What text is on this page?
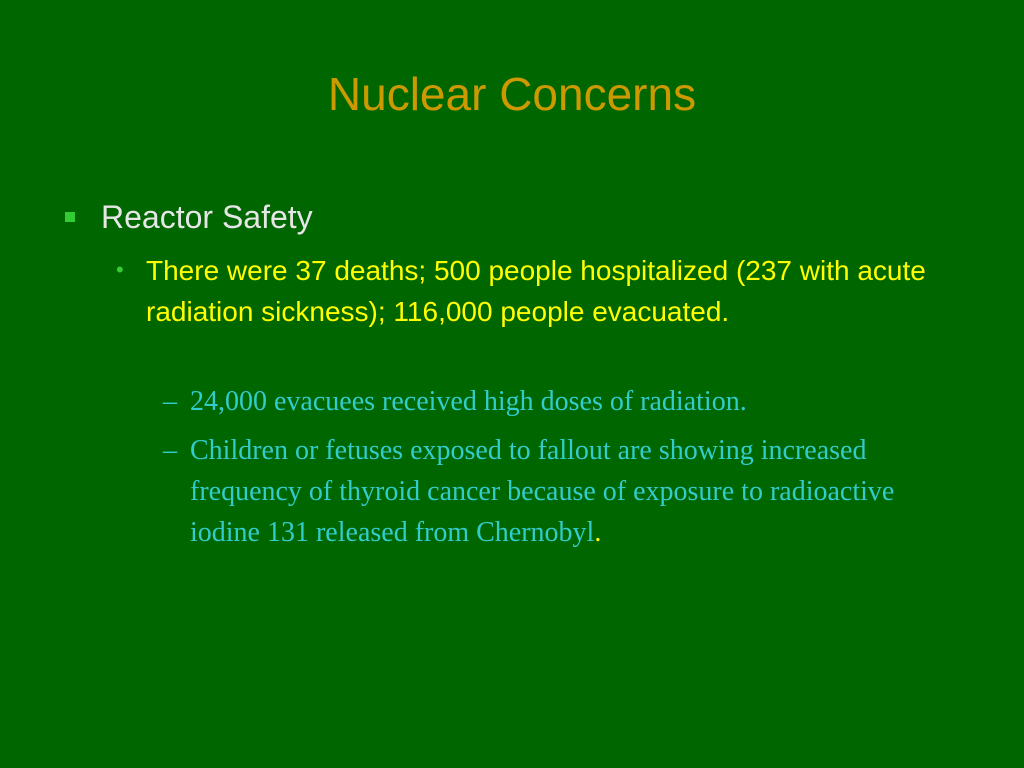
Nuclear Concerns
Reactor Safety
• There were 37 deaths; 500 people hospitalized (237 with acute radiation sickness); 116,000 people evacuated.
– 24,000 evacuees received high doses of radiation.
– Children or fetuses exposed to fallout are showing increased frequency of thyroid cancer because of exposure to radioactive iodine 131 released from Chernobyl.
